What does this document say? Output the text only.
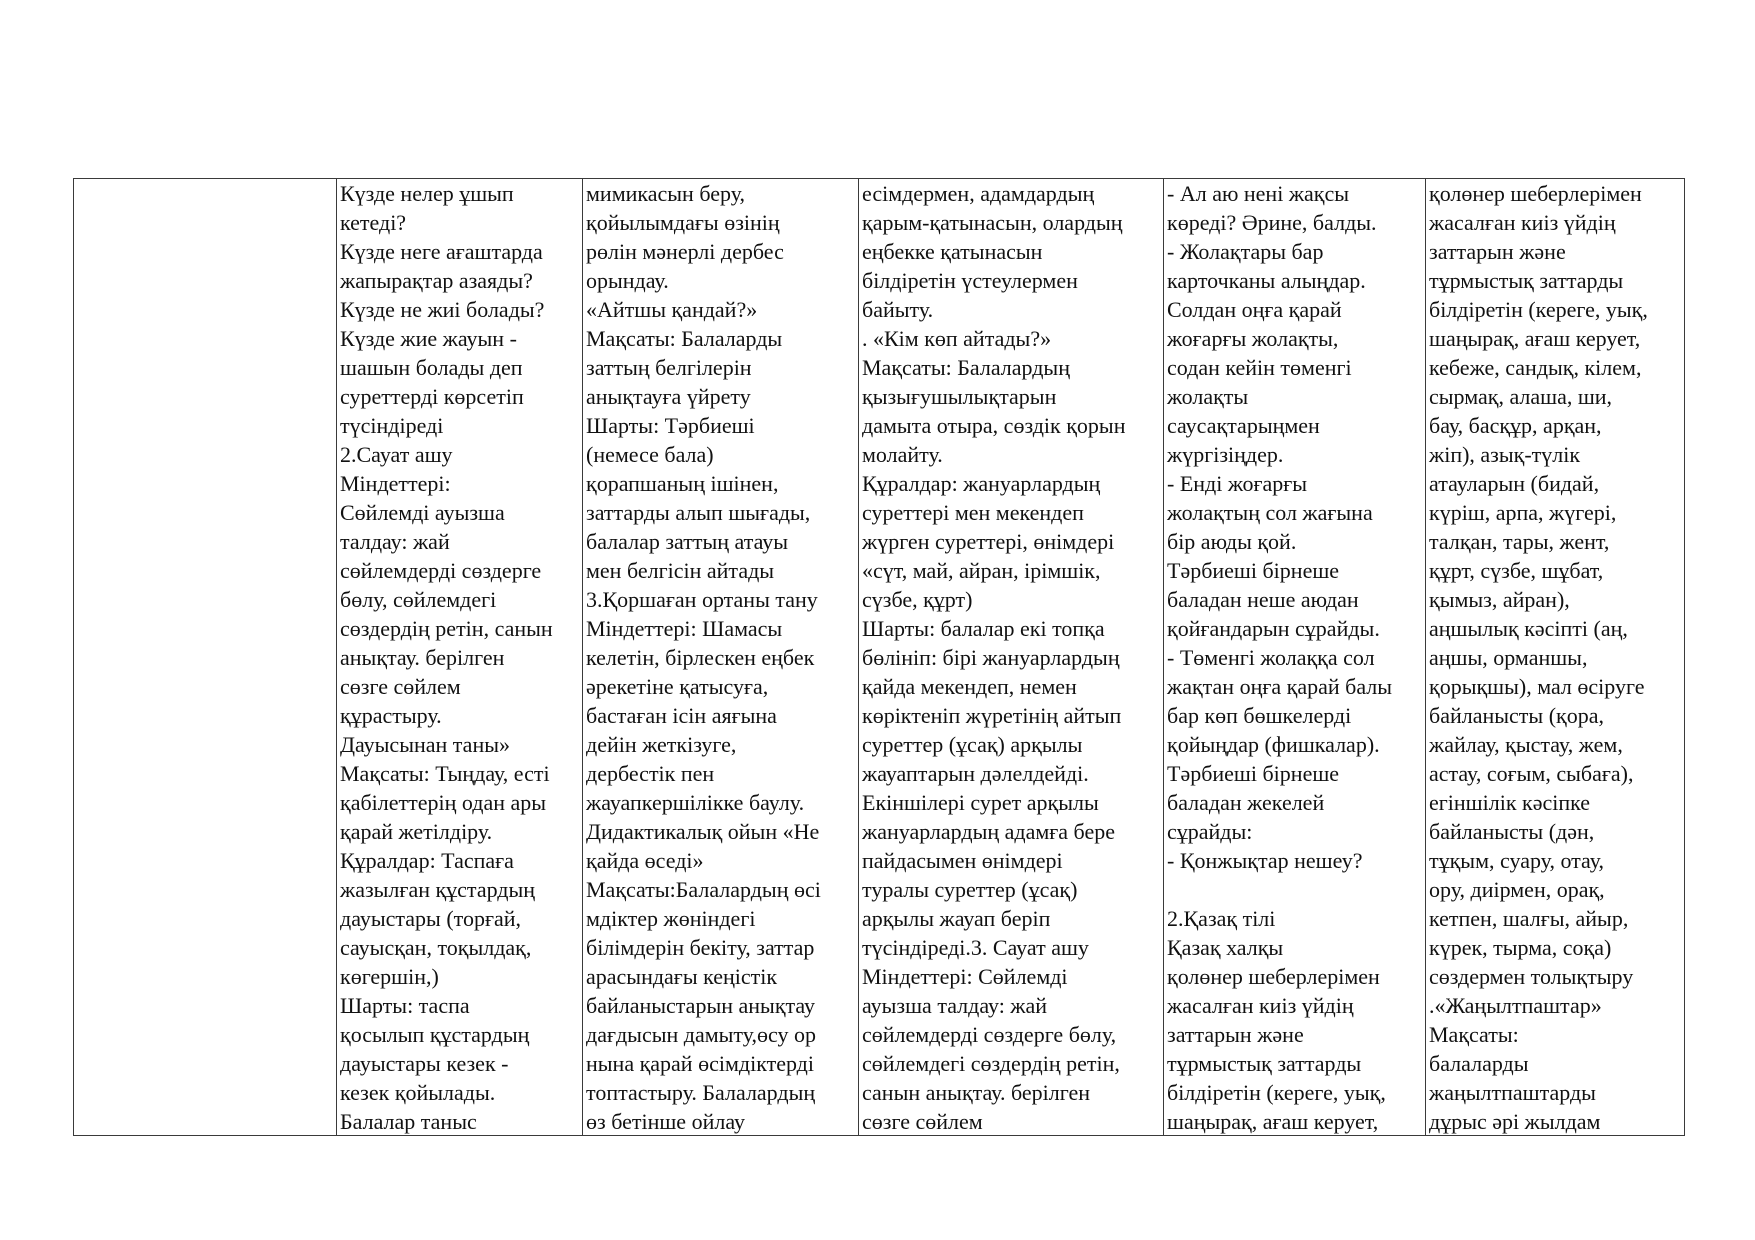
Күзде нелер ұшып
кетеді?
Күзде неге ағаштарда
жапырақтар азаяды?
Күзде не жиі болады?
Күзде жие жауын -
шашын болады деп
суреттерді көрсетіп
түсіндіреді
2.Сауат ашу
Міндеттері:
Сөйлемді ауызша
талдау: жай
сөйлемдерді сөздерге
бөлу, сөйлемдегі
сөздердің ретін, санын
анықтау. берілген
сөзге сөйлем
құрастыру.
Дауысынан таны»
Мақсаты: Тыңдау, есті
қабілеттерің одан ары
қарай жетілдіру.
Құралдар: Таспаға
жазылған құстардың
дауыстары (торғай,
сауысқан, тоқылдақ,
көгершін,)
Шарты: таспа
қосылып құстардың
дауыстары кезек -
кезек қойылады.
Балалар таныс
мимикасын беру,
қойылымдағы өзінің
рөлін мәнерлі дербес
орындау.
«Айтшы қандай?»
Мақсаты: Балаларды
заттың белгілерін
анықтауға үйрету
Шарты: Тәрбиеші
(немесе бала)
қорапшаның ішінен,
заттарды алып шығады,
балалар заттың атауы
мен белгісін айтады
3.Қоршаған ортаны тану
Міндеттері: Шамасы
келетін, бірлескен еңбек
әрекетіне қатысуға,
бастаған ісін аяғына
дейін жеткізуге,
дербестік пен
жауапкершілікке баулу.
Дидактикалық ойын «Не
қайда өседі»
Мақсаты:Балалардың өсі
мдіктер жөніндегі
білімдерін бекіту, заттар
арасындағы кеңістік
байланыстарын анықтау
дағдысын дамыту,өсу ор
нына қарай өсімдіктерді
топтастыру. Балалардың
өз бетінше ойлау
есімдермен, адамдардың
қарым-қатынасын, олардың
еңбекке қатынасын
білдіретін үстеулермен
байыту.
. «Кім көп айтады?»
Мақсаты: Балалардың
қызығушылықтарын
дамыта отыра, сөздік қорын
молайту.
Құралдар: жануарлардың
суреттері мен мекендеп
жүрген суреттері, өнімдері
«сүт, май, айран, ірімшік,
сүзбе, құрт)
Шарты: балалар екі топқа
бөлініп: бірі жануарлардың
қайда мекендеп, немен
көріктеніп жүретінің айтып
суреттер (ұсақ) арқылы
жауаптарын дәлелдейді.
Екіншілері сурет арқылы
жануарлардың адамға бере
пайдасымен өнімдері
туралы суреттер (ұсақ)
арқылы жауап беріп
түсіндіреді.3. Сауат ашу
Міндеттері: Сөйлемді
ауызша талдау: жай
сөйлемдерді сөздерге бөлу,
сөйлемдегі сөздердің ретін,
санын анықтау. берілген
сөзге сөйлем
- Ал аю нені жақсы
көреді? Әрине, балды.
- Жолақтары бар
карточканы алыңдар.
Солдан оңға қарай
жоғарғы жолақты,
содан кейін төменгі
жолақты
саусақтарыңмен
жүргізіңдер.
- Енді жоғарғы
жолақтың сол жағына
бір аюды қой.
Тәрбиеші бірнеше
баладан неше аюдан
қойғандарын сұрайды.
- Төменгі жолаққа сол
жақтан оңға қарай балы
бар көп бөшкелерді
қойыңдар (фишкалар).
Тәрбиеші бірнеше
баладан жекелей
сұрайды:
- Қонжықтар нешеу?
2.Қазақ тілі
Қазақ халқы
қолөнер шеберлерімен
жасалған киіз үйдің
заттарын және
тұрмыстық заттарды
білдіретін (кереге, уық,
шаңырақ, ағаш керует,
қолөнер шеберлерімен
жасалған киіз үйдің
заттарын және
тұрмыстық заттарды
білдіретін (кереге, уық,
шаңырақ, ағаш керует,
кебеже, сандық, кілем,
сырмақ, алаша, ши,
бау, басқұр, арқан,
жіп), азық-түлік
атауларын (бидай,
күріш, арпа, жүгері,
талқан, тары, жент,
құрт, сүзбе, шұбат,
қымыз, айран),
аңшылық кәсіпті (аң,
аңшы, орманшы,
қорықшы), мал өсіруге
байланысты (қора,
жайлау, қыстау, жем,
астау, соғым, сыбаға),
егіншілік кәсіпке
байланысты (дән,
тұқым, суару, отау,
ору, диірмен, орақ,
кетпен, шалғы, айыр,
күрек, тырма, соқа)
сөздермен толықтыру
.«Жаңылтпаштар»
Мақсаты:
балаларды
жаңылтпаштарды
дұрыс әрі жылдам
